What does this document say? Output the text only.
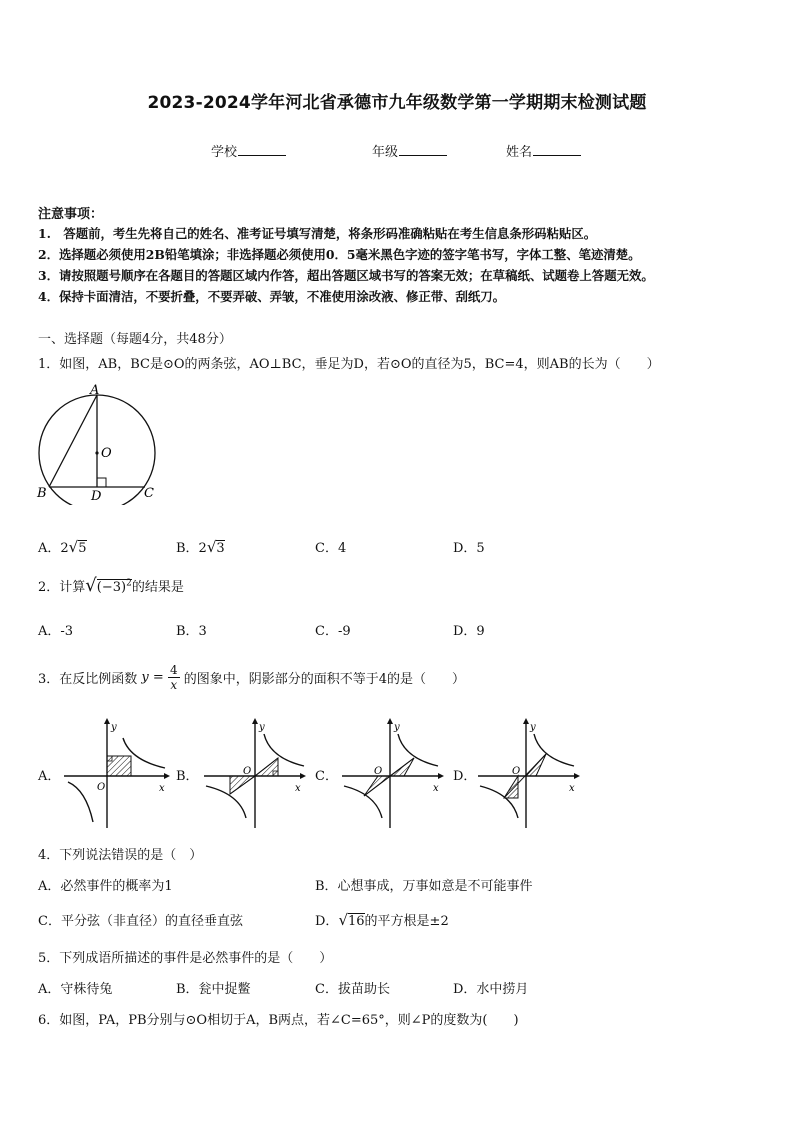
2023-2024学年河北省承德市九年级数学第一学期期末检测试题
学校	年级	姓名
注意事项：
1.　答题前，考生先将自己的姓名、准考证号填写清楚，将条形码准确粘贴在考生信息条形码粘贴区。
2．选择题必须使用2B铅笔填涂；非选择题必须使用0．5毫米黑色字迹的签字笔书写，字体工整、笔迹清楚。
3．请按照题号顺序在各题目的答题区域内作答，超出答题区域书写的答案无效；在草稿纸、试题卷上答题无效。
4．保持卡面清洁，不要折叠，不要弄破、弄皱，不准使用涂改液、修正带、刮纸刀。
一、选择题（每题4分，共48分）
1．如图，AB，BC是⊙O的两条弦，AO⊥BC，垂足为D，若⊙O的直径为5，BC=4，则AB的长为（　　）
A
O
B	D	C
A．2√5	B．2√3	C．4	D．5
2．计算$√(-3)^2$的结果是
A．-3	B．3	C．-9	D．9
3．在反比例函数 $y = \frac{4}{x}$ 的图象中，阴影部分的面积不等于4的是（　　）
A．	B．	C．	D．
y
x
O
y
x
O
y
x
O
y
x
O
4．下列说法错误的是（　）
A．必然事件的概率为1	B．心想事成，万事如意是不可能事件
C．平分弦（非直径）的直径垂直弦	D．√16的平方根是±2
5．下列成语所描述的事件是必然事件的是（　　）
A．守株待兔	B．瓮中捉鳖	C．拔苗助长	D．水中捞月
6．如图，PA，PB分别与⊙O相切于A，B两点，若∠C=65°，则∠P的度数为(　　)
